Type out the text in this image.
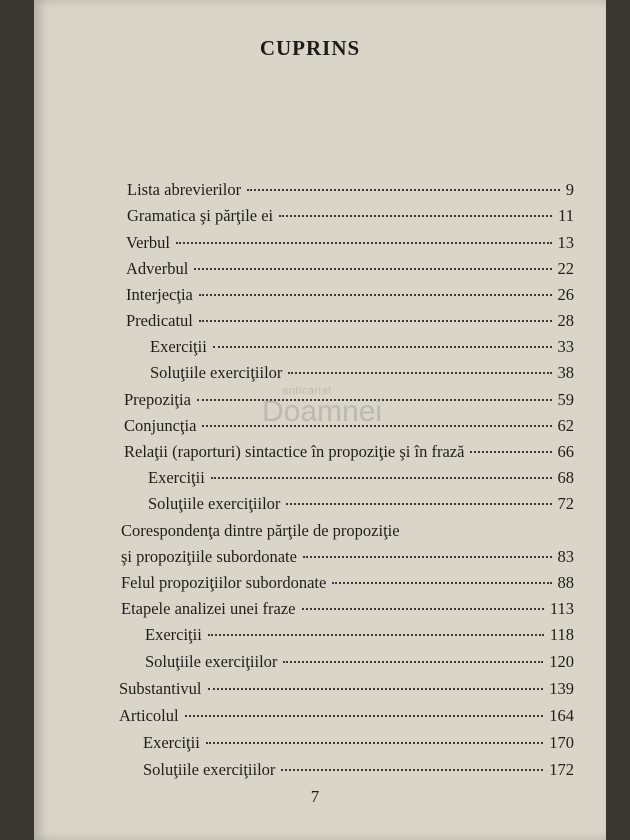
CUPRINS
Lista abrevierilor	9
Gramatica şi părţile ei	11
Verbul	13
Adverbul	22
Interjecţia	26
Predicatul	28
Exerciţii	33
Soluţiile exerciţiilor	38
Prepoziţia	59
Conjuncţia	62
Relaţii (raporturi) sintactice în propoziţie şi în frază	66
Exerciţii	68
Soluţiile exerciţiilor	72
Corespondenţa dintre părţile de propoziţie
şi propoziţiile subordonate	83
Felul propoziţiilor subordonate	88
Etapele analizei unei fraze	113
Exerciţii	118
Soluţiile exerciţiilor	120
Substantivul	139
Articolul	164
Exerciţii	170
Soluţiile exerciţiilor	172
anticariat
Doamnei
7
